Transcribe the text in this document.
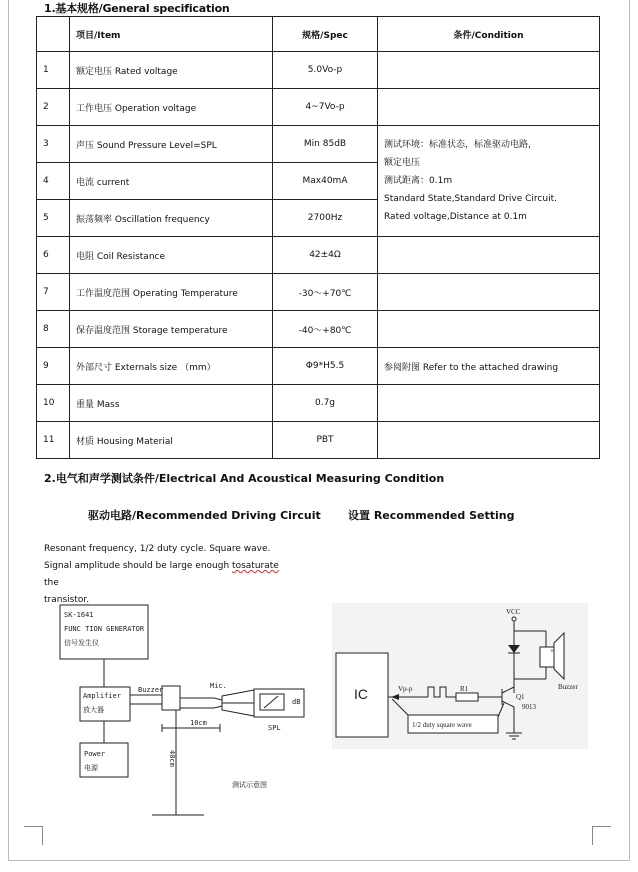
1.基本规格/General specification
	项目/Item	规格/Spec	条件/Condition
1	额定电压 Rated voltage	5.0Vo-p	
2	工作电压 Operation voltage	4~7Vo-p	
3	声压 Sound Pressure Level=SPL	Min 85dB	测试环境：标准状态，标准驱动电路，
额定电压
测试距离：0.1m
Standard State,Standard Drive Circuit.
Rated voltage,Distance at 0.1m

4	电流 current	Max40mA	
5	振荡频率 Oscillation frequency	2700Hz	
6	电阻 Coil Resistance	42±4Ω	
7	工作温度范围 Operating Temperature	-30～+70℃	
8	保存温度范围 Storage temperature	-40～+80℃	
9	外部尺寸 Externals size （mm）	Φ9*H5.5	参阅附图 Refer to the attached drawing
10	重量 Mass	0.7g	
11	材质 Housing Material	PBT	
2.电气和声学测试条件/Electrical And Acoustical Measuring Condition
驱动电路/Recommended Driving Circuit 设置 Recommended Setting
Resonant frequency, 1/2 duty cycle. Square wave.
Signal amplitude should be large enough tosaturate the
transistor.
SK-1641
FUNC TION GENERATOR
信号发生仪
Amplifier
放大器
Buzzer	Mic.
dB
SPL
10cm
Power
电源
40cm
测试示意图
VCC
IC	Vp-p	R1
Q1
9013
Buzzer
+
-
1/2 duty square wave
